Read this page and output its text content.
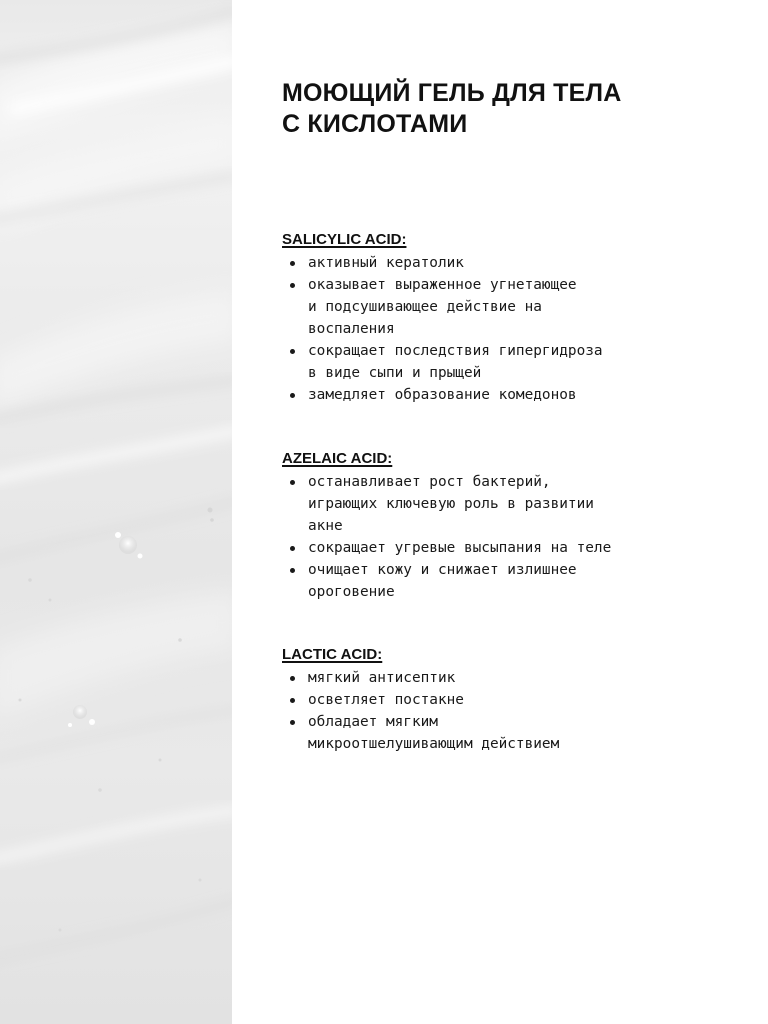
МОЮЩИЙ ГЕЛЬ ДЛЯ ТЕЛА
С КИСЛОТАМИ
SALICYLIC ACID:
активный кератолик
оказывает выраженное угнетающее
и подсушивающее действие на
воспаления
сокращает последствия гипергидроза
в виде сыпи и прыщей
замедляет образование комедонов
AZELAIC ACID:
останавливает рост бактерий,
играющих ключевую роль в развитии
акне
сокращает угревые высыпания на теле
очищает кожу и снижает излишнее
ороговение
LACTIC ACID:
мягкий антисептик
осветляет постакне
обладает мягким
микроотшелушивающим действием
